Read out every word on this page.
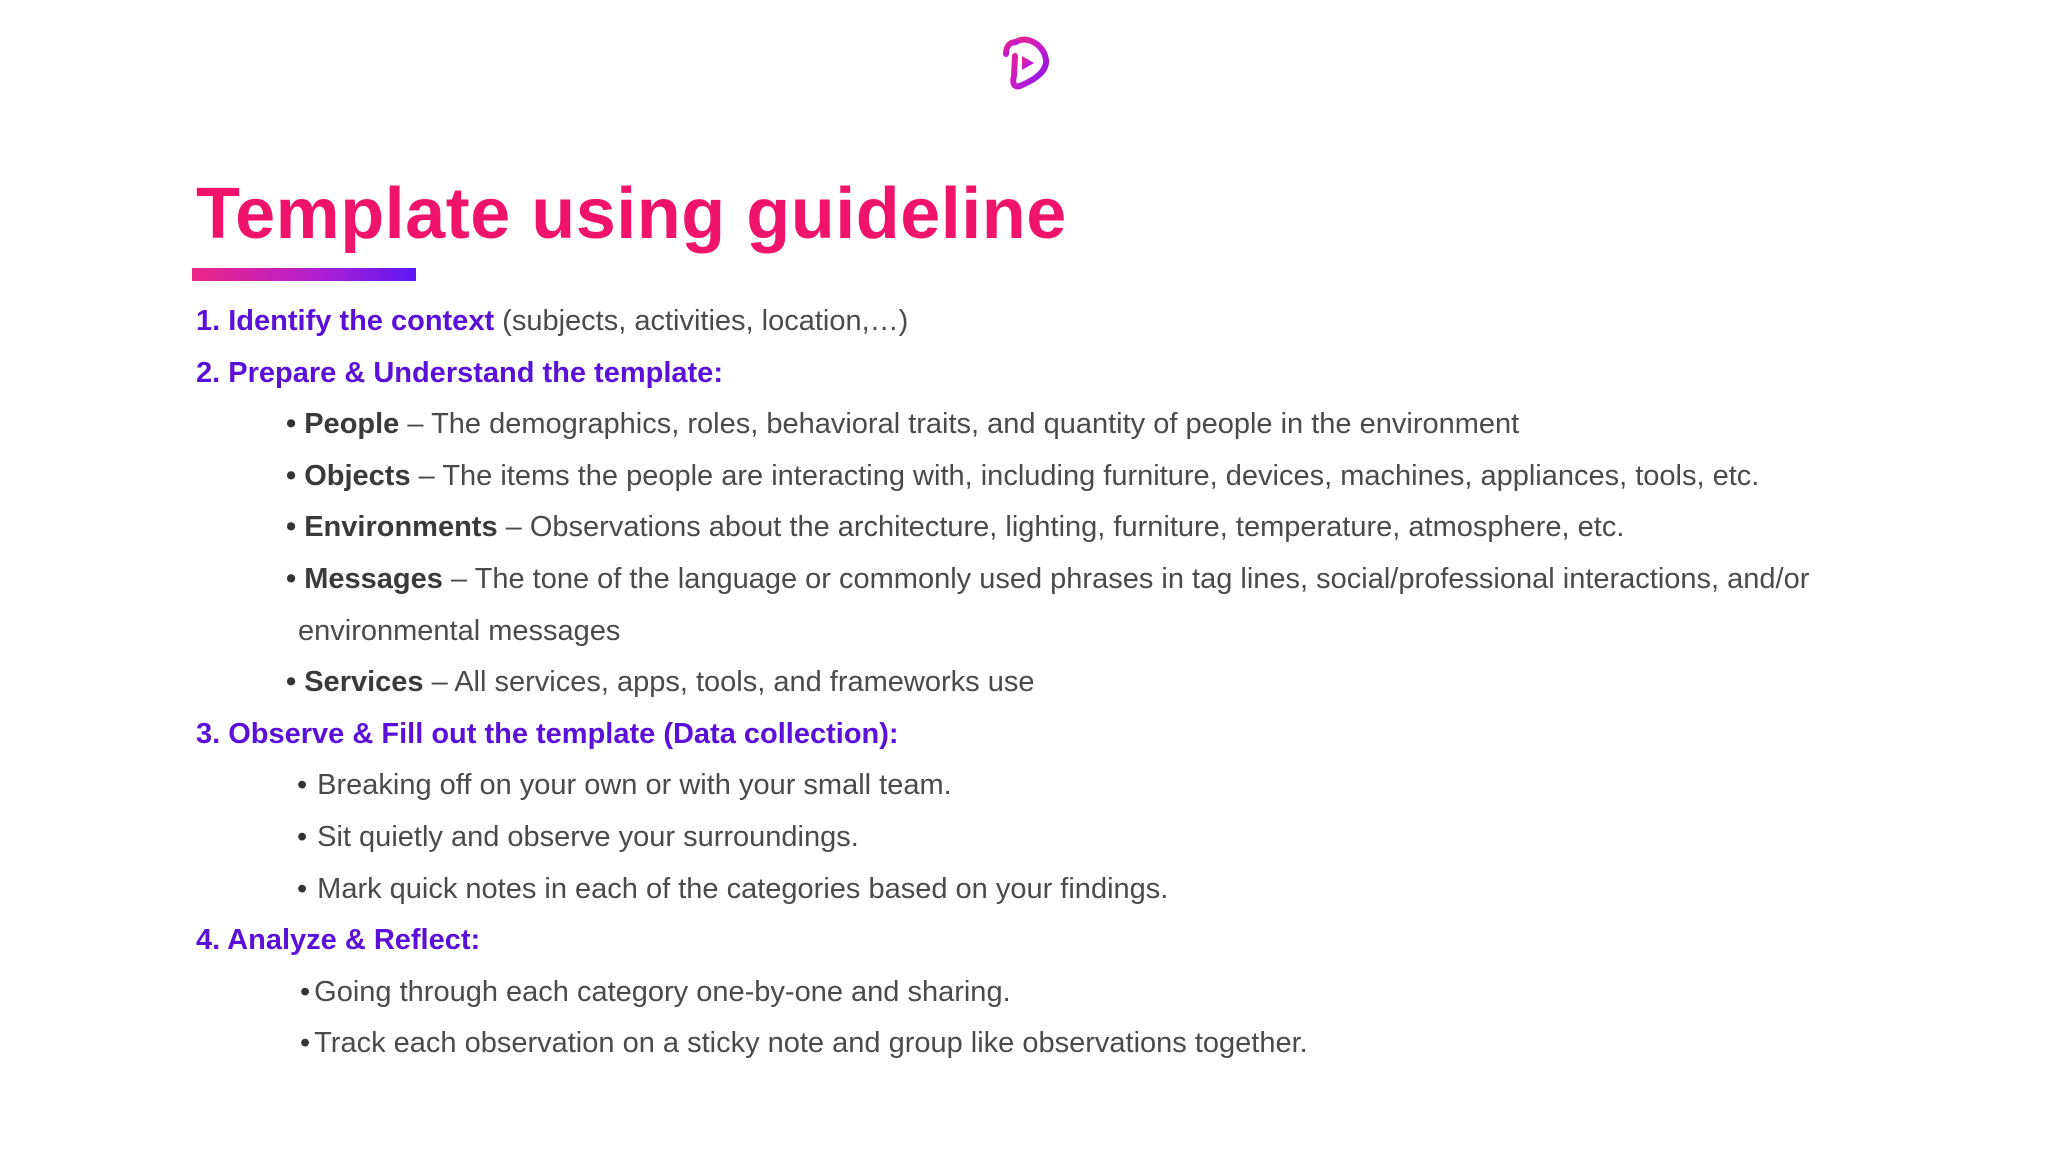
Template using guideline
1. Identify the context (subjects, activities, location,…)
2. Prepare & Understand the template:
• People – The demographics, roles, behavioral traits, and quantity of people in the environment
• Objects – The items the people are interacting with, including furniture, devices, machines, appliances, tools, etc.
• Environments – Observations about the architecture, lighting, furniture, temperature, atmosphere, etc.
• Messages – The tone of the language or commonly used phrases in tag lines, social/professional interactions, and/or
environmental messages
• Services – All services, apps, tools, and frameworks use
3. Observe & Fill out the template (Data collection):
• Breaking off on your own or with your small team.
• Sit quietly and observe your surroundings.
• Mark quick notes in each of the categories based on your findings.
4. Analyze & Reflect:
• Going through each category one-by-one and sharing.
• Track each observation on a sticky note and group like observations together.
